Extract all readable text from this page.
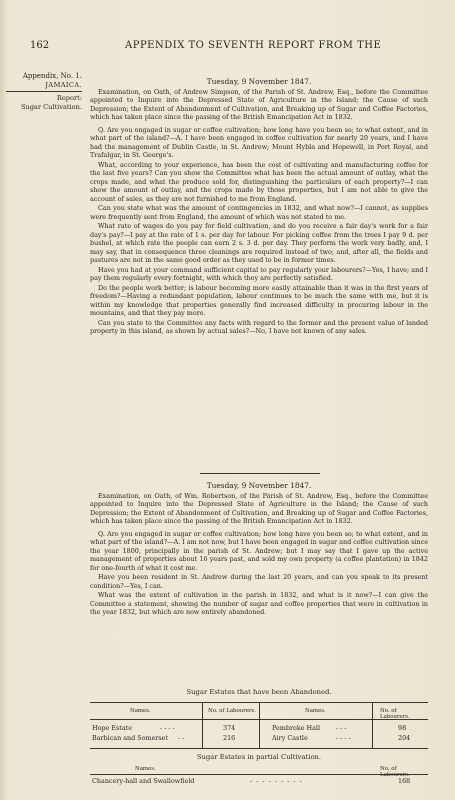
162	APPENDIX TO SEVENTH REPORT FROM THE
Appendix, No. 1.
JAMAICA.
Report:
Sugar Cultivation.

Tuesday, 9 November 1847.

Examination, on Oath, of Andrew Simpson, of the Parish of St. Andrew, Esq., before the Committee appointed to Inquire into the Depressed State of Agriculture in the Island; the Cause of such Depression; the Extent of Abandonment of Cultivation, and Breaking up of Sugar and Coffee Factories, which has taken place since the passing of the British Emancipation Act in 1832.

Q. Are you engaged in sugar or coffee cultivation; how long have you been so; to what extent, and in what part of the island?—A. I have been engaged in coffee cultivation for nearly 20 years, and I have had the management of Dublin Castle, in St. Andrew; Mount Hybla and Hopewell, in Port Royal, and Trafalgar, in St. George's.

What, according to your experience, has been the cost of cultivating and manufacturing coffee for the last five years? Can you show the Committee what has been the actual amount of outlay, what the crops made, and what the produce sold for, distinguishing the particulars of each property?—I can show the amount of outlay, and the crops made by those properties, but I am not able to give the account of sales, as they are not furnished to me from England.

Can you state what was the amount of contingencies in 1832, and what now?—I cannot, as supplies were frequently sent from England, the amount of which was not stated to me.

What rate of wages do you pay for field cultivation, and do you receive a fair day's work for a fair day's pay?—I pay at the rate of 1 s. per day for labour. For picking coffee from the trees I pay 9 d. per bushel, at which rate the people can earn 2 s. 3 d. per day. They perform the work very badly, and, I may say, that in consequence three cleanings are required instead of two; and, after all, the fields and pastures are not in the same good order as they used to be in former times.

Have you had at your command sufficient capital to pay regularly your labourers?—Yes, I have; and I pay them regularly every fortnight, with which they are perfectly satisfied.

Do the people work better; is labour becoming more easily attainable than it was in the first years of freedom?—Having a redundant population, labour continues to be much the same with me, but it is within my knowledge that properties generally find increased difficulty in procuring labour in the mountains, and that they pay more.

Can you state to the Committee any facts with regard to the former and the present value of landed property in this island, as shown by actual sales?—No, I have not known of any sales.

Tuesday, 9 November 1847.

Examination, on Oath, of Wm. Robertson, of the Parish of St. Andrew, Esq., before the Committee appointed to Inquire into the Depressed State of Agriculture in the Island; the Cause of such Depression; the Extent of Abandonment of Cultivation, and Breaking up of Sugar and Coffee Factories, which has taken place since the passing of the British Emancipation Act in 1832.

Q. Are you engaged in sugar or coffee cultivation; how long have you been so; to what extent, and in what part of the island?—A. I am not now, but I have been engaged in sugar and coffee cultivation since the year 1800, principally in the parish of St. Andrew; but I may say that I gave up the active management of properties about 16 years past, and sold my own property (a coffee plantation) in 1842 for one-fourth of what it cost me.

Have you been resident in St. Andrew during the last 20 years, and can you speak to its present condition?—Yes, I can.

What was the extent of cultivation in the parish in 1832, and what is it now?—I can give the Committee a statement, showing the number of sugar and coffee properties that were in cultivation in the year 1832, but which are now entirely abandoned.

Sugar Estates that have been Abandoned.
Names.	No. of Labourers.	Names.	No. of Labourers.
Hope Estate	- - - -	374	Pembroke Hall - - -	98
Barbican and Somerset - -	216	Airy Castle	- - - -	204
Sugar Estates in partial Cultivation.
Names.	No. of Labourers.
Chancery-hall and Swallowfield	- - - - - - - - -	168
